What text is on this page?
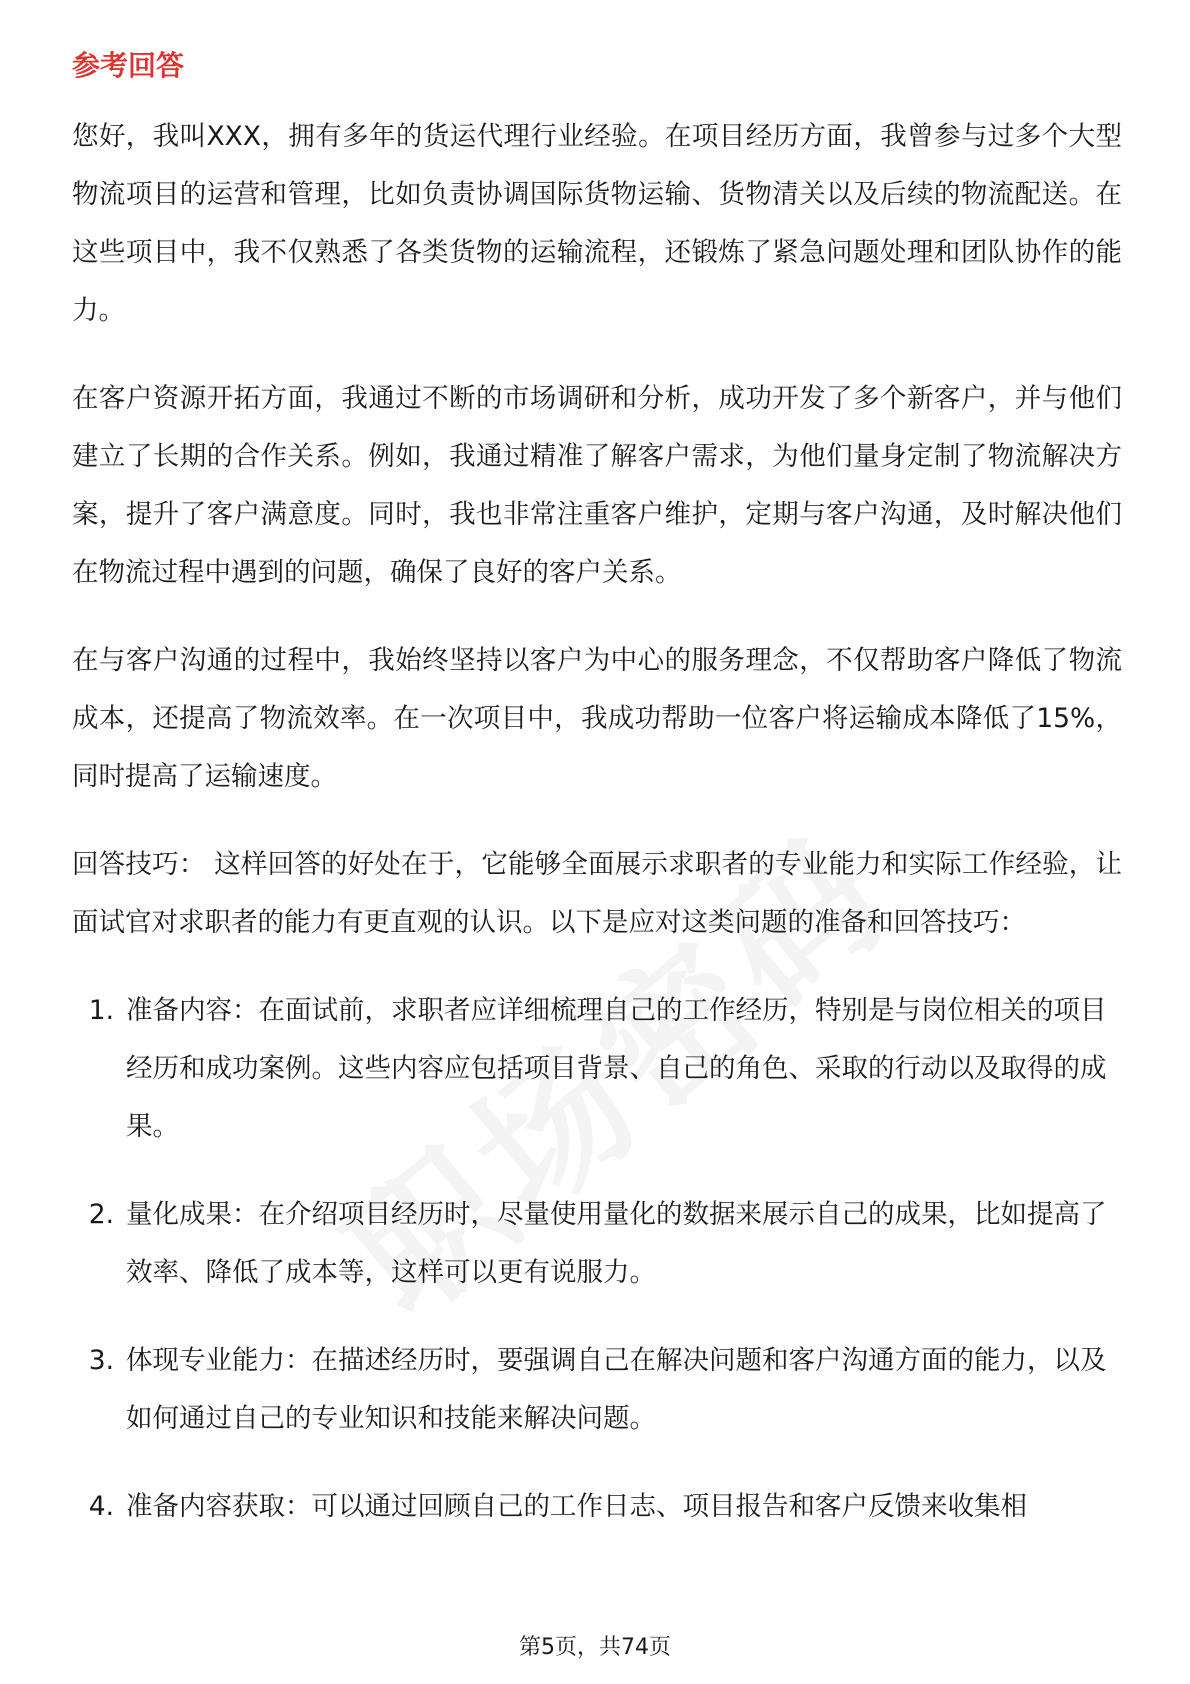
参考回答

您好，我叫XXX，拥有多年的货运代理行业经验。在项目经历方面，我曾参与过多个大型物流项目的运营和管理，比如负责协调国际货物运输、货物清关以及后续的物流配送。在这些项目中，我不仅熟悉了各类货物的运输流程，还锻炼了紧急问题处理和团队协作的能力。

在客户资源开拓方面，我通过不断的市场调研和分析，成功开发了多个新客户，并与他们建立了长期的合作关系。例如，我通过精准了解客户需求，为他们量身定制了物流解决方案，提升了客户满意度。同时，我也非常注重客户维护，定期与客户沟通，及时解决他们在物流过程中遇到的问题，确保了良好的客户关系。

在与客户沟通的过程中，我始终坚持以客户为中心的服务理念，不仅帮助客户降低了物流成本，还提高了物流效率。在一次项目中，我成功帮助一位客户将运输成本降低了15%，同时提高了运输速度。

回答技巧： 这样回答的好处在于，它能够全面展示求职者的专业能力和实际工作经验，让面试官对求职者的能力有更直观的认识。以下是应对这类问题的准备和回答技巧：

1. 准备内容：在面试前，求职者应详细梳理自己的工作经历，特别是与岗位相关的项目经历和成功案例。这些内容应包括项目背景、自己的角色、采取的行动以及取得的成果。
2. 量化成果：在介绍项目经历时，尽量使用量化的数据来展示自己的成果，比如提高了效率、降低了成本等，这样可以更有说服力。
3. 体现专业能力：在描述经历时，要强调自己在解决问题和客户沟通方面的能力，以及如何通过自己的专业知识和技能来解决问题。
4. 准备内容获取：可以通过回顾自己的工作日志、项目报告和客户反馈来收集相
第5页，共74页
